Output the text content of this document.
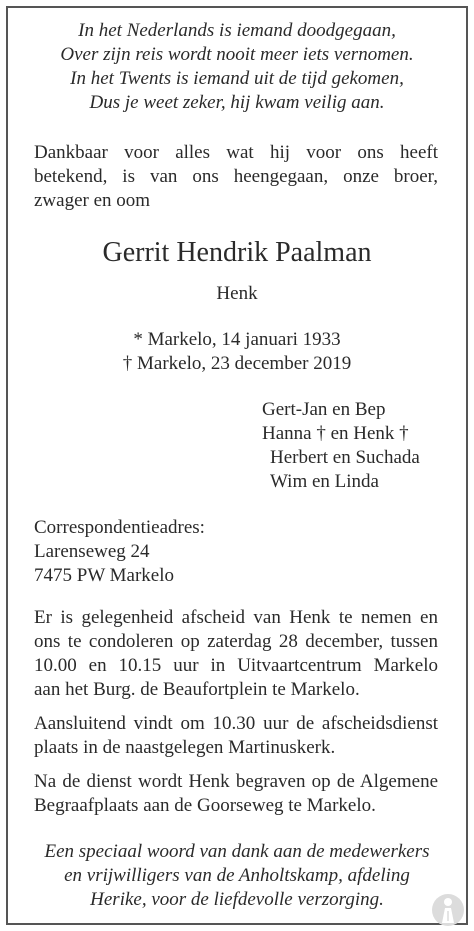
In het Nederlands is iemand doodgegaan,
Over zijn reis wordt nooit meer iets vernomen.
In het Twents is iemand uit de tijd gekomen,
Dus je weet zeker, hij kwam veilig aan.
Dankbaar voor alles wat hij voor ons heeft
betekend, is van ons heengegaan, onze broer,
zwager en oom
Gerrit Hendrik Paalman
Henk
* Markelo, 14 januari 1933
† Markelo, 23 december 2019
Gert-Jan en Bep
Hanna † en Henk †
Herbert en Suchada
Wim en Linda
Correspondentieadres:
Larenseweg 24
7475 PW Markelo
Er is gelegenheid afscheid van Henk te nemen en
ons te condoleren op zaterdag 28 december, tussen
10.00 en 10.15 uur in Uitvaartcentrum Markelo
aan het Burg. de Beaufortplein te Markelo.
Aansluitend vindt om 10.30 uur de afscheidsdienst
plaats in de naastgelegen Martinuskerk.
Na de dienst wordt Henk begraven op de Algemene
Begraafplaats aan de Goorseweg te Markelo.
Een speciaal woord van dank aan de medewerkers
en vrijwilligers van de Anholtskamp, afdeling
Herike, voor de liefdevolle verzorging.
